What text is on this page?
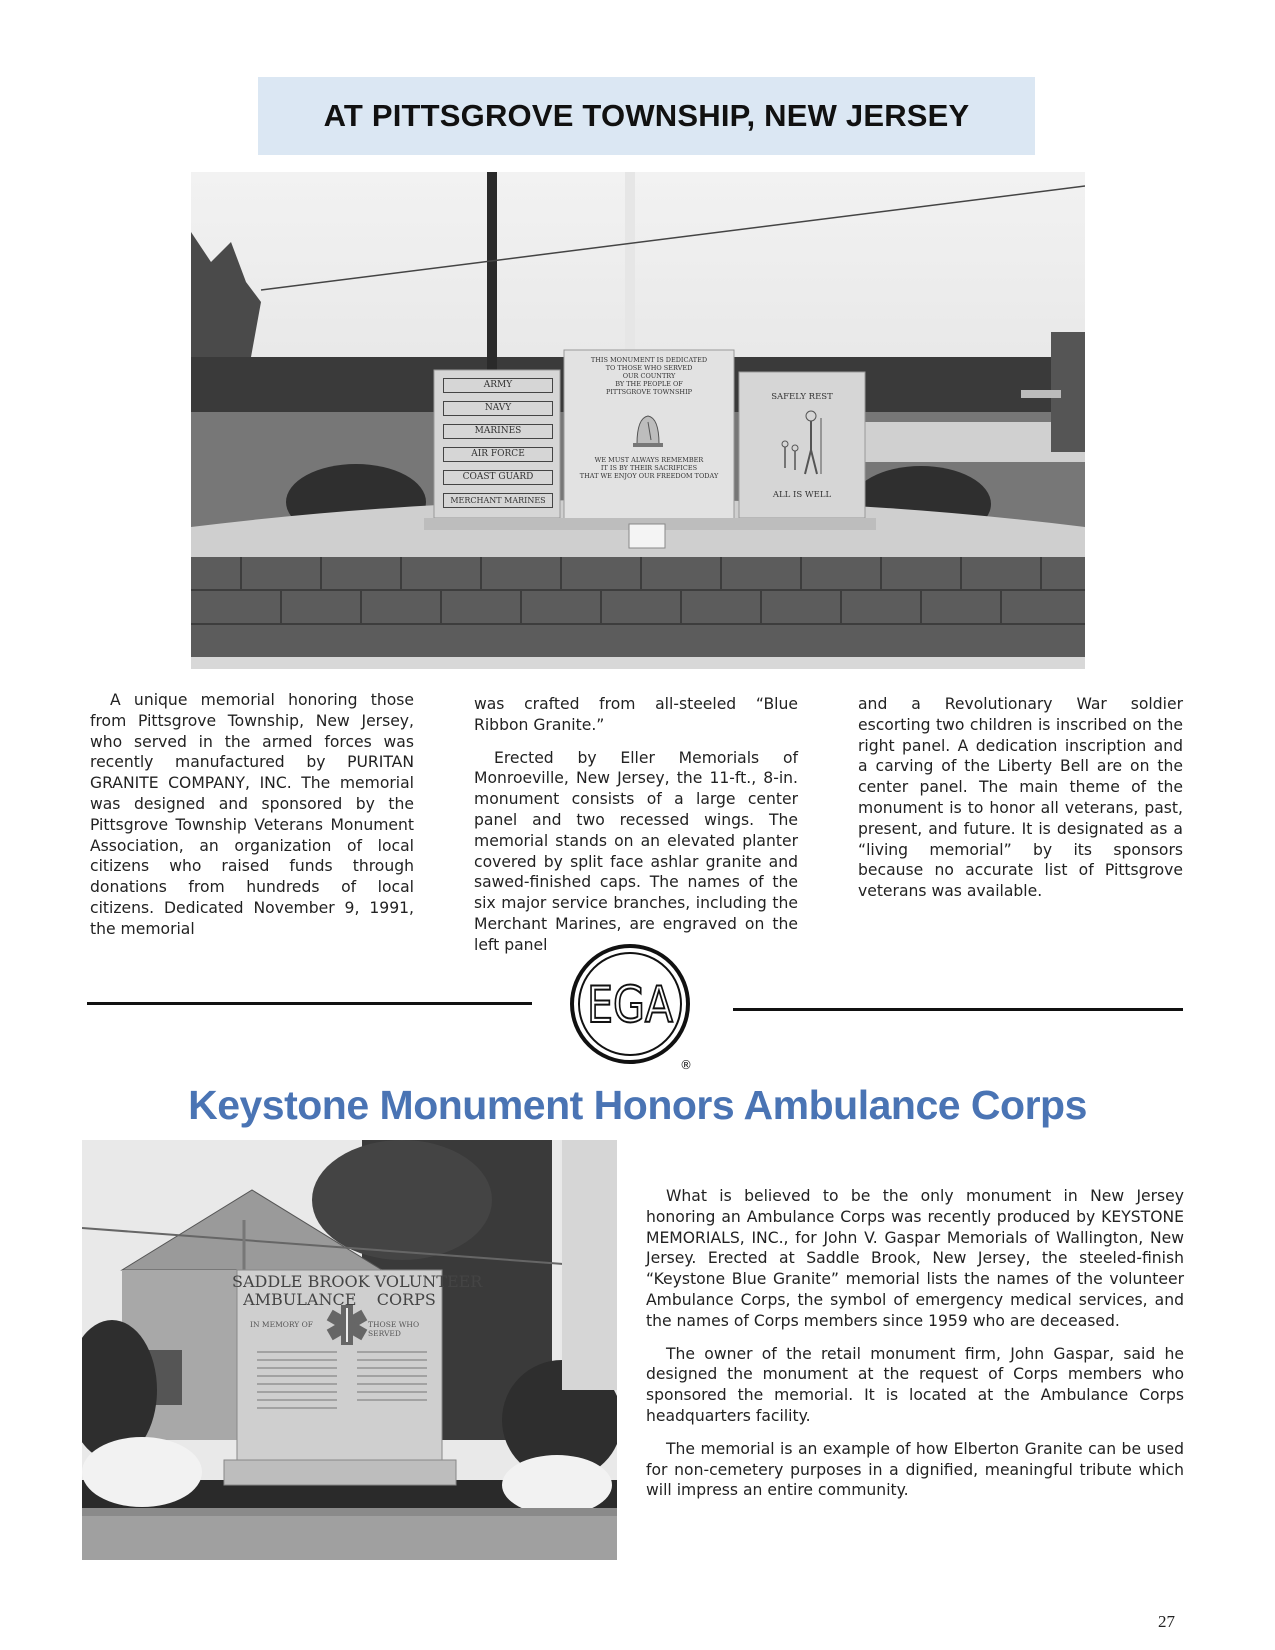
AT PITTSGROVE TOWNSHIP, NEW JERSEY
ARMY
NAVY
MARINES
AIR FORCE
COAST GUARD
MERCHANT MARINES
THIS MONUMENT IS DEDICATED
TO THOSE WHO SERVED
OUR COUNTRY
BY THE PEOPLE OF
PITTSGROVE TOWNSHIP
WE MUST ALWAYS REMEMBER
IT IS BY THEIR SACRIFICES
THAT WE ENJOY OUR FREEDOM TODAY
SAFELY REST
ALL IS WELL

A unique memorial honoring those from Pittsgrove Township, New Jersey, who served in the armed forces was recently manufactured by PURITAN GRANITE COMPANY, INC. The memorial was designed and sponsored by the Pittsgrove Township Veterans Monument Association, an organization of local citizens who raised funds through donations from hundreds of local citizens. Dedicated November 9, 1991, the memorial

was crafted from all-steeled “Blue Ribbon Granite.”

Erected by Eller Memorials of Monroeville, New Jersey, the 11-ft., 8-in. monument consists of a large center panel and two recessed wings. The memorial stands on an elevated planter covered by split face ashlar granite and sawed-finished caps. The names of the six major service branches, including the Merchant Marines, are engraved on the left panel

and a Revolutionary War soldier escorting two children is inscribed on the right panel. A dedication inscription and a carving of the Liberty Bell are on the center panel. The main theme of the monument is to honor all veterans, past, present, and future. It is designated as a “living memorial” by its sponsors because no accurate list of Pittsgrove veterans was available.

EGA
®
Keystone Monument Honors Ambulance Corps
SADDLE BROOK VOLUNTEER
AMBULANCE    CORPS
IN MEMORY OF	THOSE WHO SERVED

What is believed to be the only monument in New Jersey honoring an Ambulance Corps was recently produced by KEYSTONE MEMORIALS, INC., for John V. Gaspar Memorials of Wallington, New Jersey. Erected at Saddle Brook, New Jersey, the steeled-finish “Keystone Blue Granite” memorial lists the names of the volunteer Ambulance Corps, the symbol of emergency medical services, and the names of Corps members since 1959 who are deceased.

The owner of the retail monument firm, John Gaspar, said he designed the monument at the request of Corps members who sponsored the memorial. It is located at the Ambulance Corps headquarters facility.

The memorial is an example of how Elberton Granite can be used for non-cemetery purposes in a dignified, meaningful tribute which will impress an entire community.

27
